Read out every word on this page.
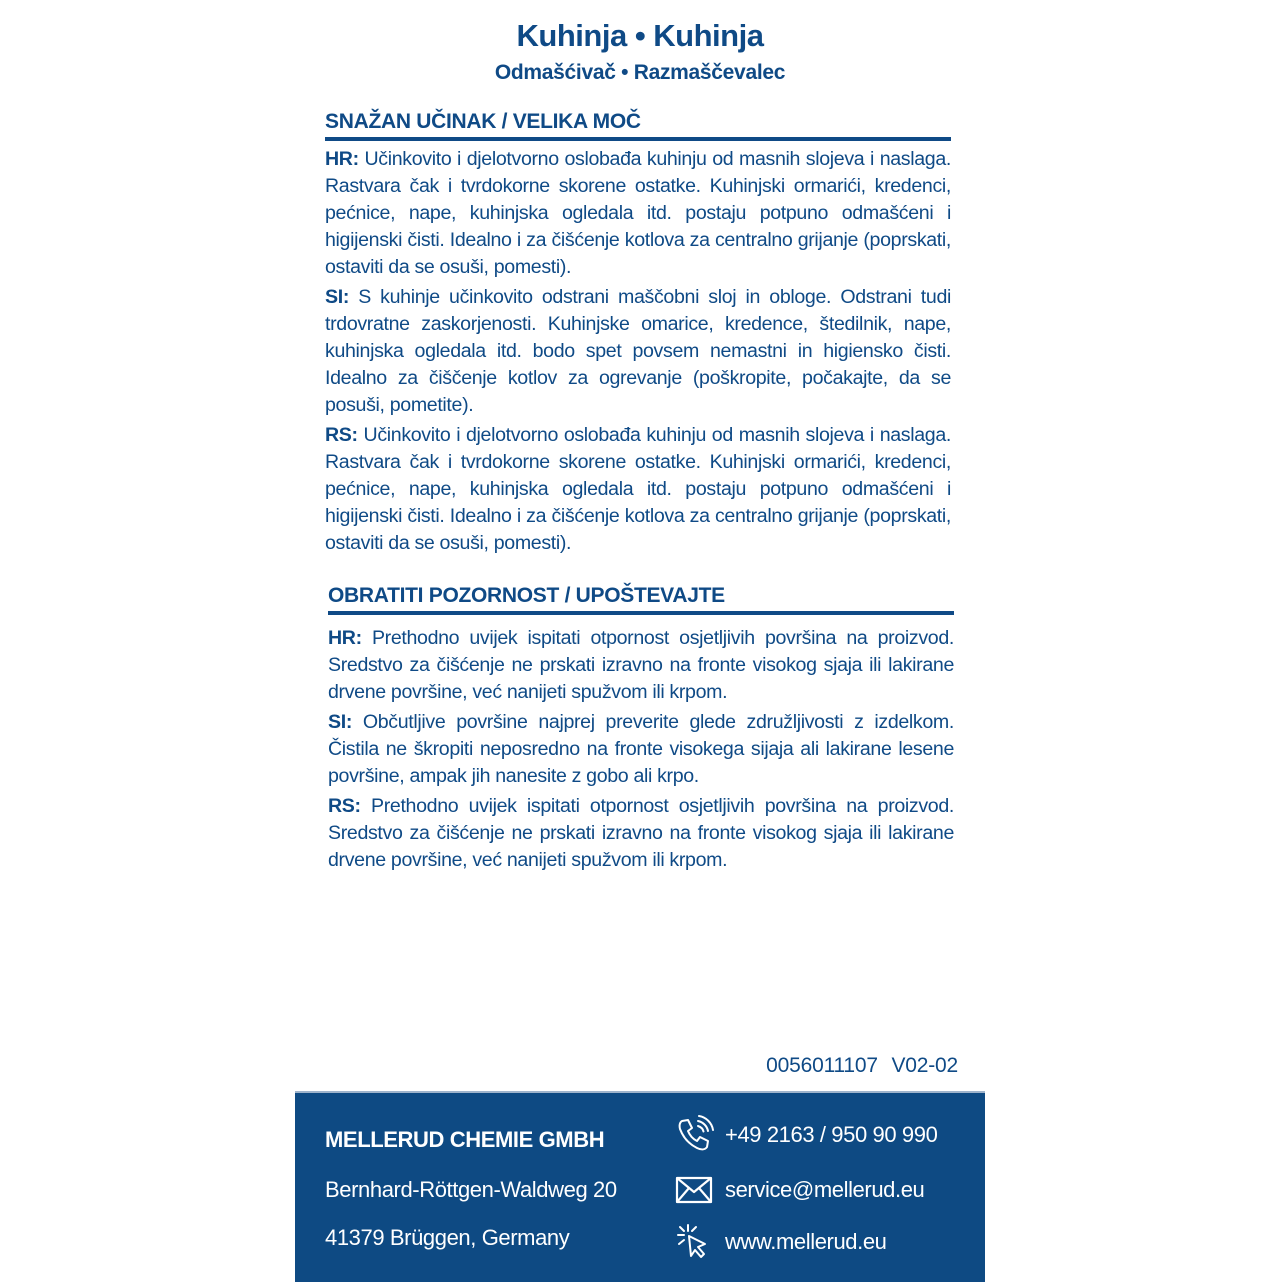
Kuhinja • Kuhinja
Odmašćivač • Razmaščevalec
SNAŽAN UČINAK / VELIKA MOČ
HR: Učinkovito i djelotvorno oslobađa kuhinju od masnih slojeva i naslaga. Rastvara čak i tvrdokorne skorene ostatke. Kuhinjski ormarići, kredenci, pećnice, nape, kuhinjska ogledala itd. postaju potpuno odmašćeni i higijenski čisti. Idealno i za čišćenje kotlova za centralno grijanje (poprskati, ostaviti da se osuši, pomesti).
SI: S kuhinje učinkovito odstrani maščobni sloj in obloge. Odstrani tudi trdovratne zaskorjenosti. Kuhinjske omarice, kredence, štedilnik, nape, kuhinjska ogledala itd. bodo spet povsem nemastni in higiensko čisti. Idealno za čiščenje kotlov za ogrevanje (poškropite, počakajte, da se posuši, pometite).
RS: Učinkovito i djelotvorno oslobađa kuhinju od masnih slojeva i naslaga. Rastvara čak i tvrdokorne skorene ostatke. Kuhinjski ormarići, kredenci, pećnice, nape, kuhinjska ogledala itd. postaju potpuno odmašćeni i higijenski čisti. Idealno i za čišćenje kotlova za centralno grijanje (poprskati, ostaviti da se osuši, pomesti).
OBRATITI POZORNOST / UPOŠTEVAJTE
HR: Prethodno uvijek ispitati otpornost osjetljivih površina na proizvod. Sredstvo za čišćenje ne prskati izravno na fronte visokog sjaja ili lakirane drvene površine, već nanijeti spužvom ili krpom.
SI: Občutljive površine najprej preverite glede združljivosti z izdelkom. Čistila ne škropiti neposredno na fronte visokega sijaja ali lakirane lesene površine, ampak jih nanesite z gobo ali krpo.
RS: Prethodno uvijek ispitati otpornost osjetljivih površina na proizvod. Sredstvo za čišćenje ne prskati izravno na fronte visokog sjaja ili lakirane drvene površine, već nanijeti spužvom ili krpom.
0056011107 V02-02
MELLERUD CHEMIE GMBH
Bernhard-Röttgen-Waldweg 20
41379 Brüggen, Germany
+49 2163 / 950 90 990
service@mellerud.eu
www.mellerud.eu
